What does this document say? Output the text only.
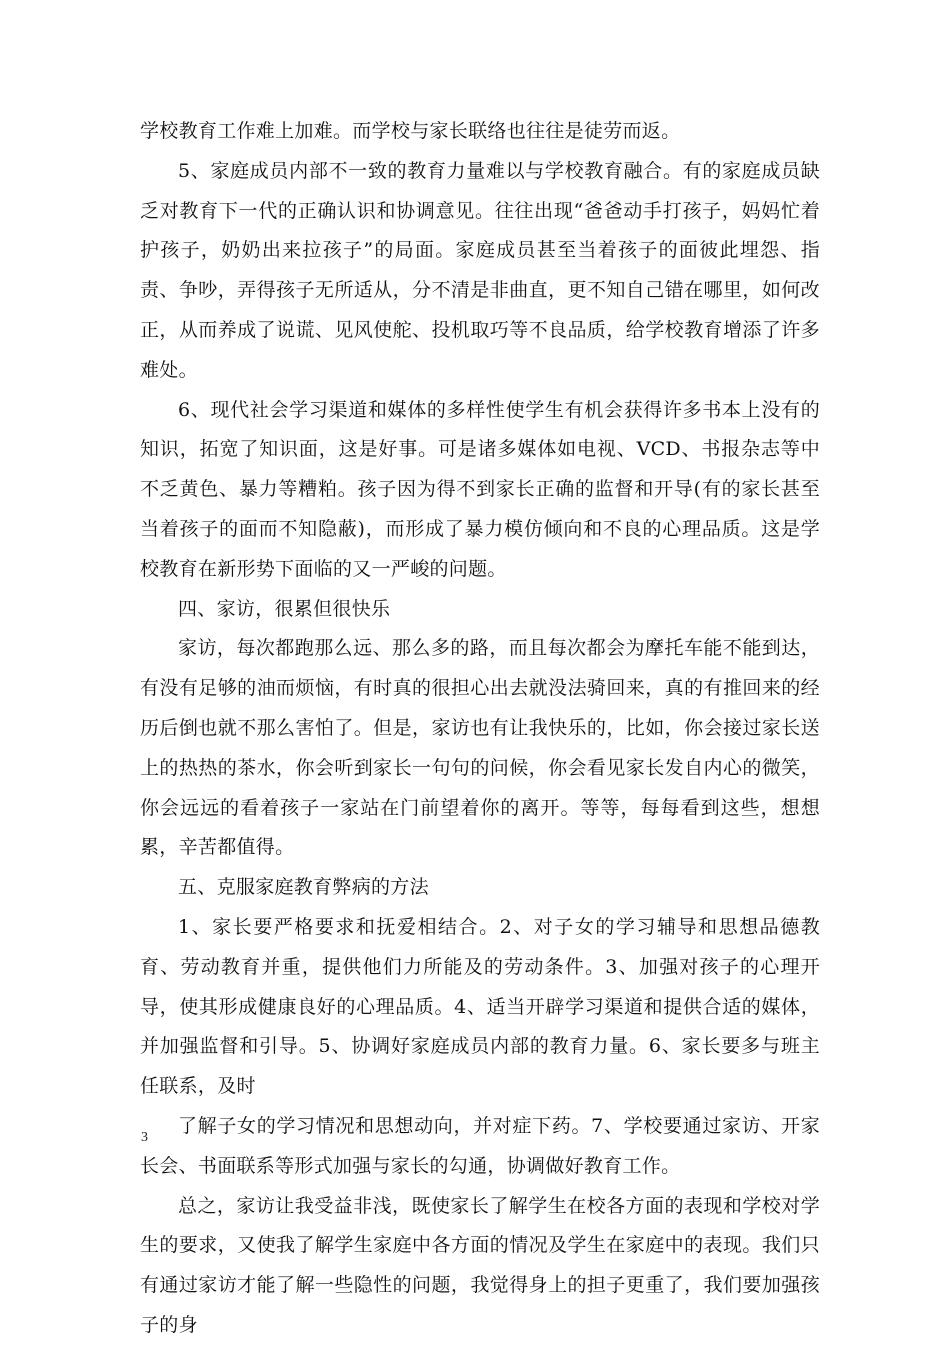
学校教育工作难上加难。而学校与家长联络也往往是徒劳而返。

5、家庭成员内部不一致的教育力量难以与学校教育融合。有的家庭成员缺乏对教育下一代的正确认识和协调意见。往往出现“爸爸动手打孩子，妈妈忙着护孩子，奶奶出来拉孩子”的局面。家庭成员甚至当着孩子的面彼此埋怨、指责、争吵，弄得孩子无所适从，分不清是非曲直，更不知自己错在哪里，如何改正，从而养成了说谎、见风使舵、投机取巧等不良品质，给学校教育增添了许多难处。

6、现代社会学习渠道和媒体的多样性使学生有机会获得许多书本上没有的知识，拓宽了知识面，这是好事。可是诸多媒体如电视、VCD、书报杂志等中不乏黄色、暴力等糟粕。孩子因为得不到家长正确的监督和开导(有的家长甚至当着孩子的面而不知隐蔽)，而形成了暴力模仿倾向和不良的心理品质。这是学校教育在新形势下面临的又一严峻的问题。

四、家访，很累但很快乐

家访，每次都跑那么远、那么多的路，而且每次都会为摩托车能不能到达，有没有足够的油而烦恼，有时真的很担心出去就没法骑回来，真的有推回来的经历后倒也就不那么害怕了。但是，家访也有让我快乐的，比如，你会接过家长送上的热热的茶水，你会听到家长一句句的问候，你会看见家长发自内心的微笑，你会远远的看着孩子一家站在门前望着你的离开。等等，每每看到这些，想想累，辛苦都值得。

五、克服家庭教育弊病的方法

1、家长要严格要求和抚爱相结合。2、对子女的学习辅导和思想品德教育、劳动教育并重，提供他们力所能及的劳动条件。3、加强对孩子的心理开导，使其形成健康良好的心理品质。4、适当开辟学习渠道和提供合适的媒体，并加强监督和引导。5、协调好家庭成员内部的教育力量。6、家长要多与班主任联系，及时

了解子女的学习情况和思想动向，并对症下药。7、学校要通过家访、开家长会、书面联系等形式加强与家长的勾通，协调做好教育工作。

总之，家访让我受益非浅，既使家长了解学生在校各方面的表现和学校对学生的要求，又使我了解学生家庭中各方面的情况及学生在家庭中的表现。我们只有通过家访才能了解一些隐性的问题，我觉得身上的担子更重了，我们要加强孩子的身

3
